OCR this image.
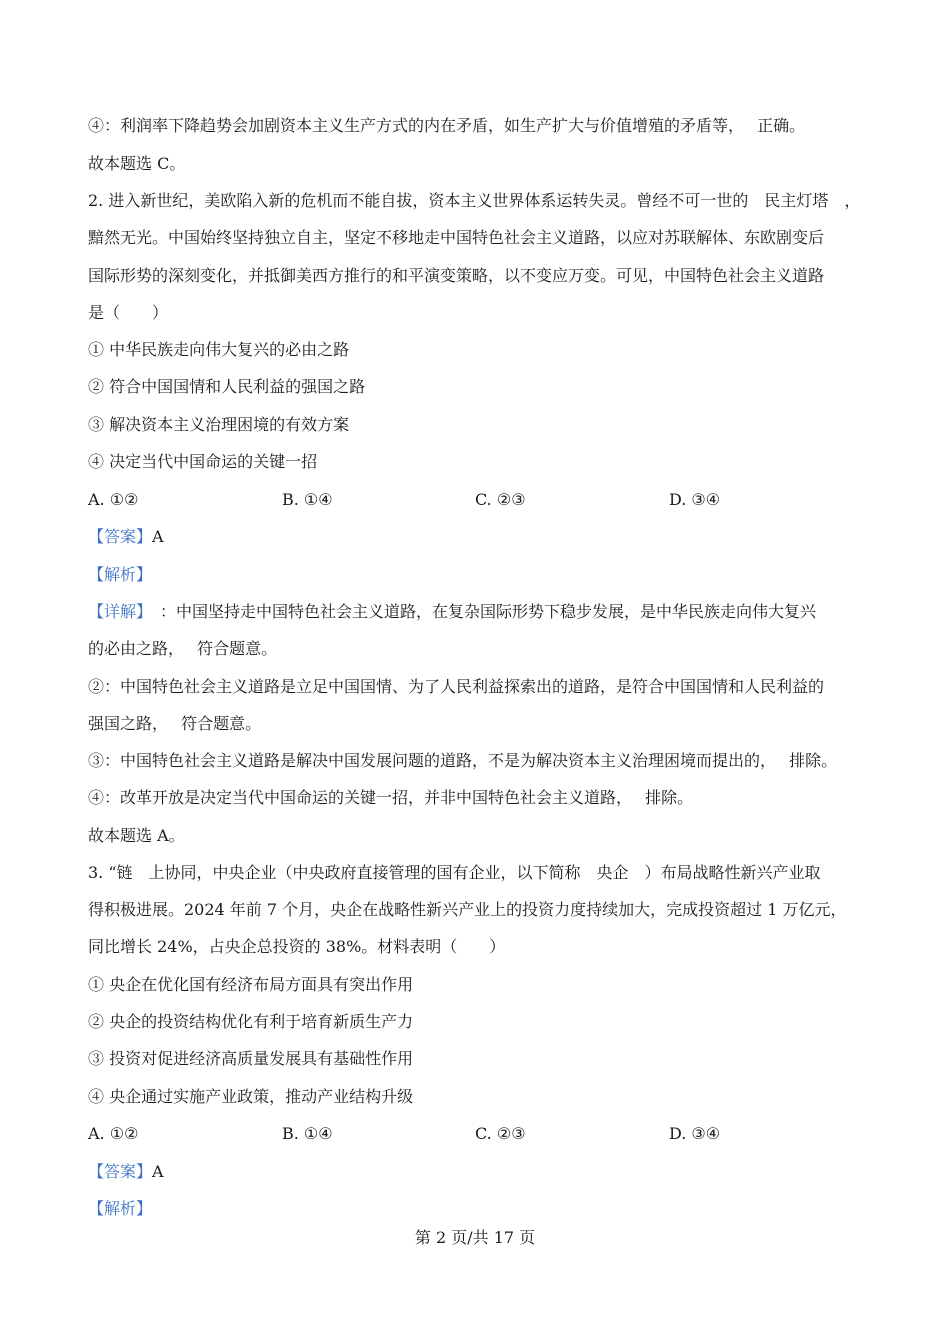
④：利润率下降趋势会加剧资本主义生产方式的内在矛盾，如生产扩大与价值增殖的矛盾等，　 正确。
故本题选 C。
2. 进入新世纪，美欧陷入新的危机而不能自拔，资本主义世界体系运转失灵。曾经不可一世的　民主灯塔　，
黯然无光。中国始终坚持独立自主，坚定不移地走中国特色社会主义道路，以应对苏联解体、东欧剧变后
国际形势的深刻变化，并抵御美西方推行的和平演变策略，以不变应万变。可见，中国特色社会主义道路
是（　　）
① 中华民族走向伟大复兴的必由之路
② 符合中国国情和人民利益的强国之路
③ 解决资本主义治理困境的有效方案
④ 决定当代中国命运的关键一招
A. ①②	B. ①④	C. ②③	D. ③④
【答案】A
【解析】
【详解】　：中国坚持走中国特色社会主义道路，在复杂国际形势下稳步发展，是中华民族走向伟大复兴
的必由之路，　 符合题意。
②：中国特色社会主义道路是立足中国国情、为了人民利益探索出的道路，是符合中国国情和人民利益的
强国之路，　 符合题意。
③：中国特色社会主义道路是解决中国发展问题的道路，不是为解决资本主义治理困境而提出的，　 排除。
④：改革开放是决定当代中国命运的关键一招，并非中国特色社会主义道路，　 排除。
故本题选 A。
3. “链　上协同，中央企业（中央政府直接管理的国有企业，以下简称　央企　）布局战略性新兴产业取
得积极进展。2024 年前 7 个月，央企在战略性新兴产业上的投资力度持续加大，完成投资超过 1 万亿元，
同比增长 24%，占央企总投资的 38%。材料表明（　　）
① 央企在优化国有经济布局方面具有突出作用
② 央企的投资结构优化有利于培育新质生产力
③ 投资对促进经济高质量发展具有基础性作用
④ 央企通过实施产业政策，推动产业结构升级
A. ①②	B. ①④	C. ②③	D. ③④
【答案】A
【解析】
第 2 页/共 17 页
